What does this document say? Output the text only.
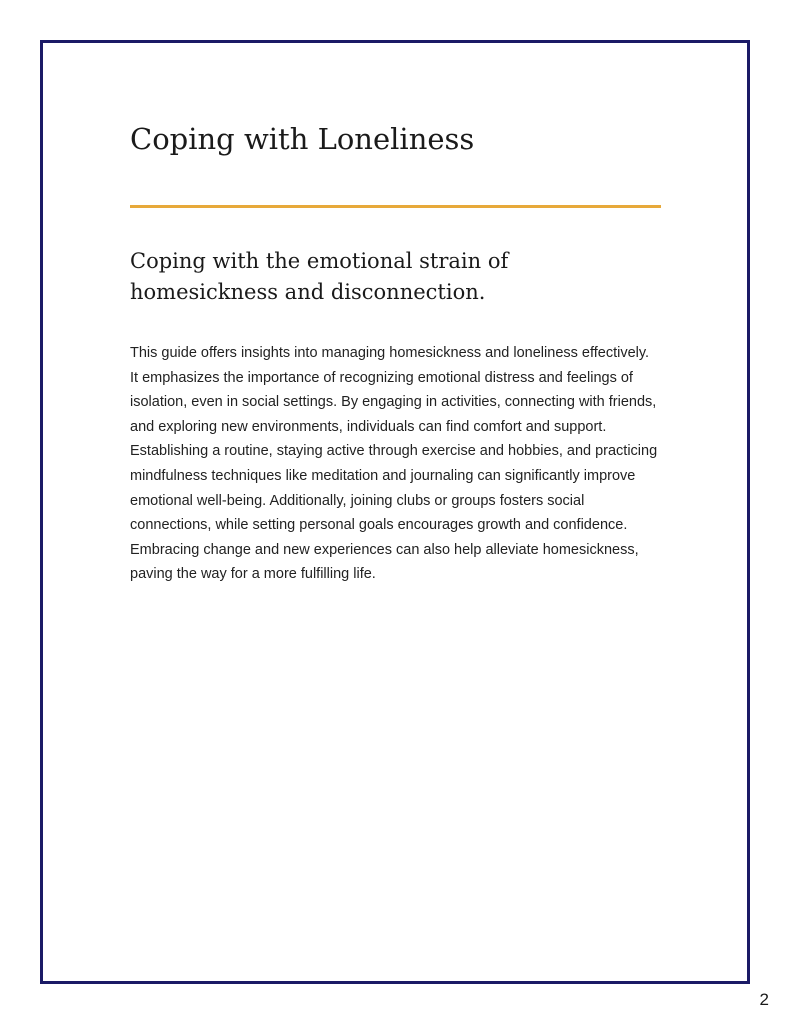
Coping with Loneliness
Coping with the emotional strain of
homesickness and disconnection.

This guide offers insights into managing homesickness and loneliness effectively.
It emphasizes the importance of recognizing emotional distress and feelings of
isolation, even in social settings. By engaging in activities, connecting with friends,
and exploring new environments, individuals can find comfort and support.
Establishing a routine, staying active through exercise and hobbies, and practicing
mindfulness techniques like meditation and journaling can significantly improve
emotional well-being. Additionally, joining clubs or groups fosters social
connections, while setting personal goals encourages growth and confidence.
Embracing change and new experiences can also help alleviate homesickness,
paving the way for a more fulfilling life.

2
